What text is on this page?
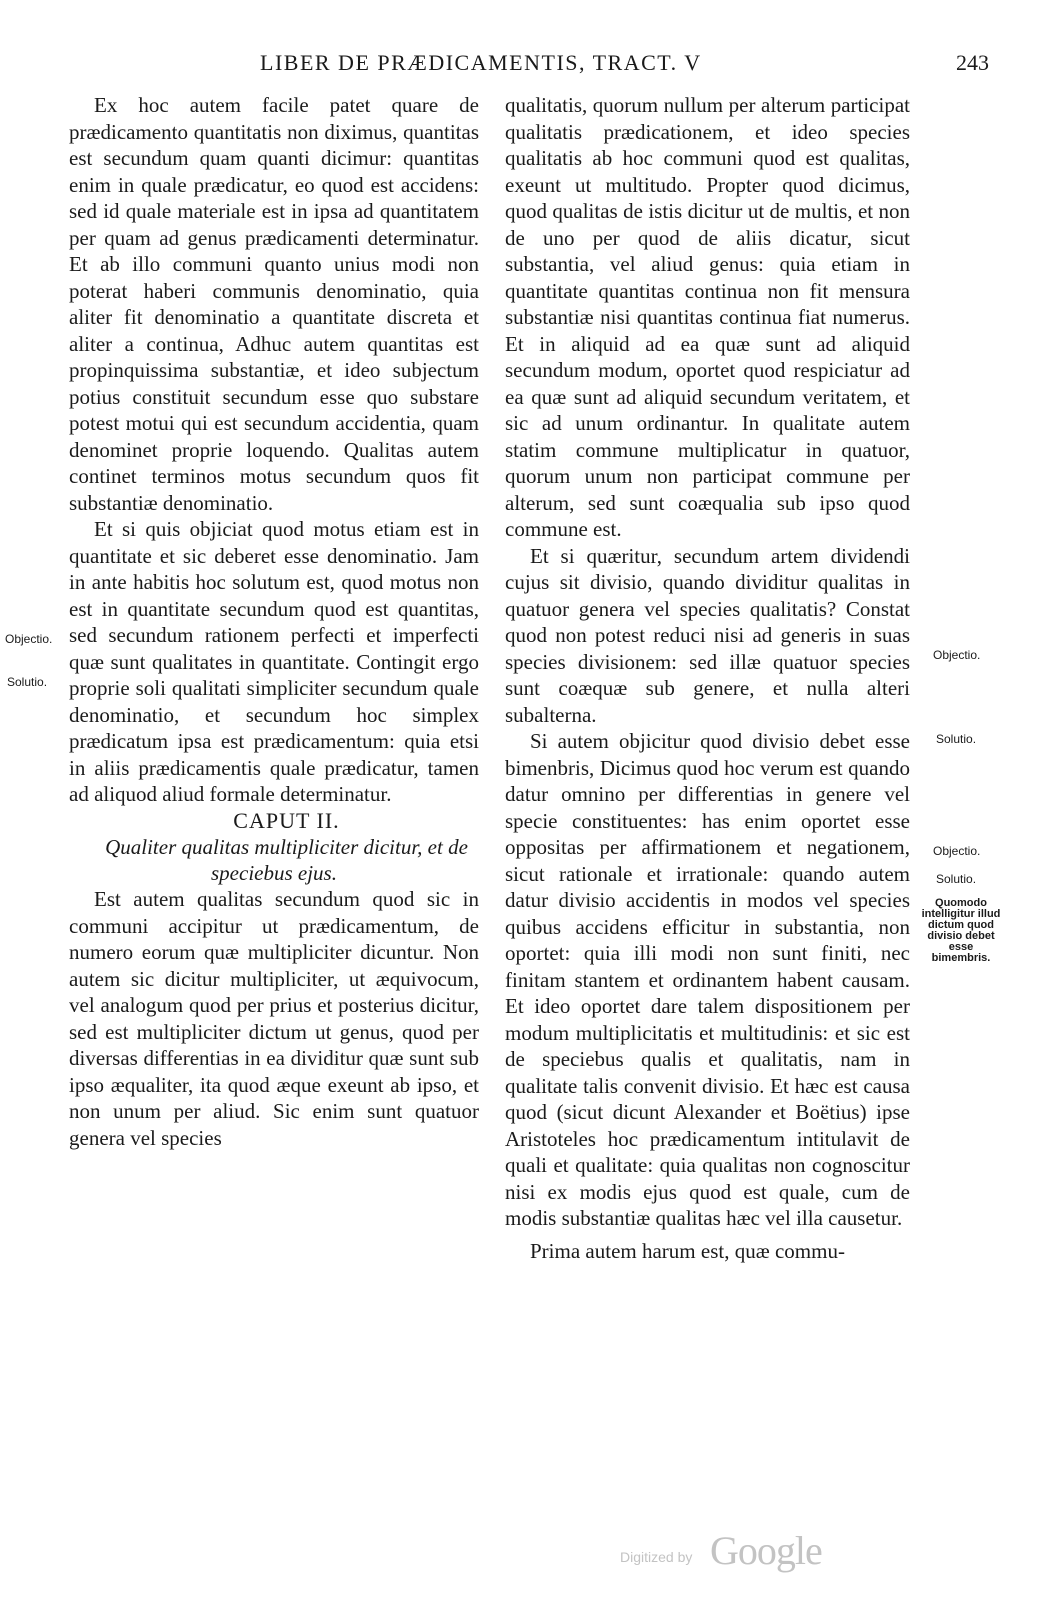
LIBER DE PRÆDICAMENTIS, TRACT. V	243

Ex hoc autem facile patet quare de prædicamento quantitatis non diximus, quantitas est secundum quam quanti dicimur: quantitas enim in quale prædicatur, eo quod est accidens: sed id quale materiale est in ipsa ad quantitatem per quam ad genus prædicamenti determinatur. Et ab illo communi quanto unius modi non poterat haberi communis denominatio, quia aliter fit denominatio a quantitate discreta et aliter a continua, Adhuc autem quantitas est propinquissima substantiæ, et ideo subjectum potius constituit secundum esse quo substare potest motui qui est secundum accidentia, quam denominet proprie loquendo. Qualitas autem continet terminos motus secundum quos fit substantiæ denominatio.

Et si quis objiciat quod motus etiam est in quantitate et sic deberet esse denominatio. Jam in ante habitis hoc solutum est, quod motus non est in quantitate secundum quod est quantitas, sed secundum rationem perfecti et imperfecti quæ sunt qualitates in quantitate. Contingit ergo proprie soli qualitati simpliciter secundum quale denominatio, et secundum hoc simplex prædicatum ipsa est prædicamentum: quia etsi in aliis prædicamentis quale prædicatur, tamen ad aliquod aliud formale determinatur.

CAPUT II.

Qualiter qualitas multipliciter dicitur, et de speciebus ejus.

Est autem qualitas secundum quod sic in communi accipitur ut prædicamentum, de numero eorum quæ multipliciter dicuntur. Non autem sic dicitur multipliciter, ut æquivocum, vel analogum quod per prius et posterius dicitur, sed est multipliciter dictum ut genus, quod per diversas differentias in ea dividitur quæ sunt sub ipso æqualiter, ita quod æque exeunt ab ipso, et non unum per aliud. Sic enim sunt quatuor genera vel species

qualitatis, quorum nullum per alterum participat qualitatis prædicationem, et ideo species qualitatis ab hoc communi quod est qualitas, exeunt ut multitudo. Propter quod dicimus, quod qualitas de istis dicitur ut de multis, et non de uno per quod de aliis dicatur, sicut substantia, vel aliud genus: quia etiam in quantitate quantitas continua non fit mensura substantiæ nisi quantitas continua fiat numerus. Et in aliquid ad ea quæ sunt ad aliquid secundum modum, oportet quod respiciatur ad ea quæ sunt ad aliquid secundum veritatem, et sic ad unum ordinantur. In qualitate autem statim commune multiplicatur in quatuor, quorum unum non participat commune per alterum, sed sunt coæqualia sub ipso quod commune est.

Et si quæritur, secundum artem dividendi cujus sit divisio, quando dividitur qualitas in quatuor genera vel species qualitatis? Constat quod non potest reduci nisi ad generis in suas species divisionem: sed illæ quatuor species sunt coæquæ sub genere, et nulla alteri subalterna.

Si autem objicitur quod divisio debet esse bimenbris, Dicimus quod hoc verum est quando datur omnino per differentias in genere vel specie constituentes: has enim oportet esse oppositas per affirmationem et negationem, sicut rationale et irrationale: quando autem datur divisio accidentis in modos vel species quibus accidens efficitur in substantia, non oportet: quia illi modi non sunt finiti, nec finitam stantem et ordinantem habent causam. Et ideo oportet dare talem dispositionem per modum multiplicitatis et multitudinis: et sic est de speciebus qualis et qualitatis, nam in qualitate talis convenit divisio. Et hæc est causa quod (sicut dicunt Alexander et Boëtius) ipse Aristoteles hoc prædicamentum intitulavit de quali et qualitate: quia qualitas non cognoscitur nisi ex modis ejus quod est quale, cum de modis substantiæ qualitas hæc vel illa causetur.

Prima autem harum est, quæ commu-

Objectio.
Solutio.
Objectio.
Solutio.
Objectio.
Solutio.
Quomodo intelligitur illud dictum quod divisio debet esse bimembris.
Digitized by Google
